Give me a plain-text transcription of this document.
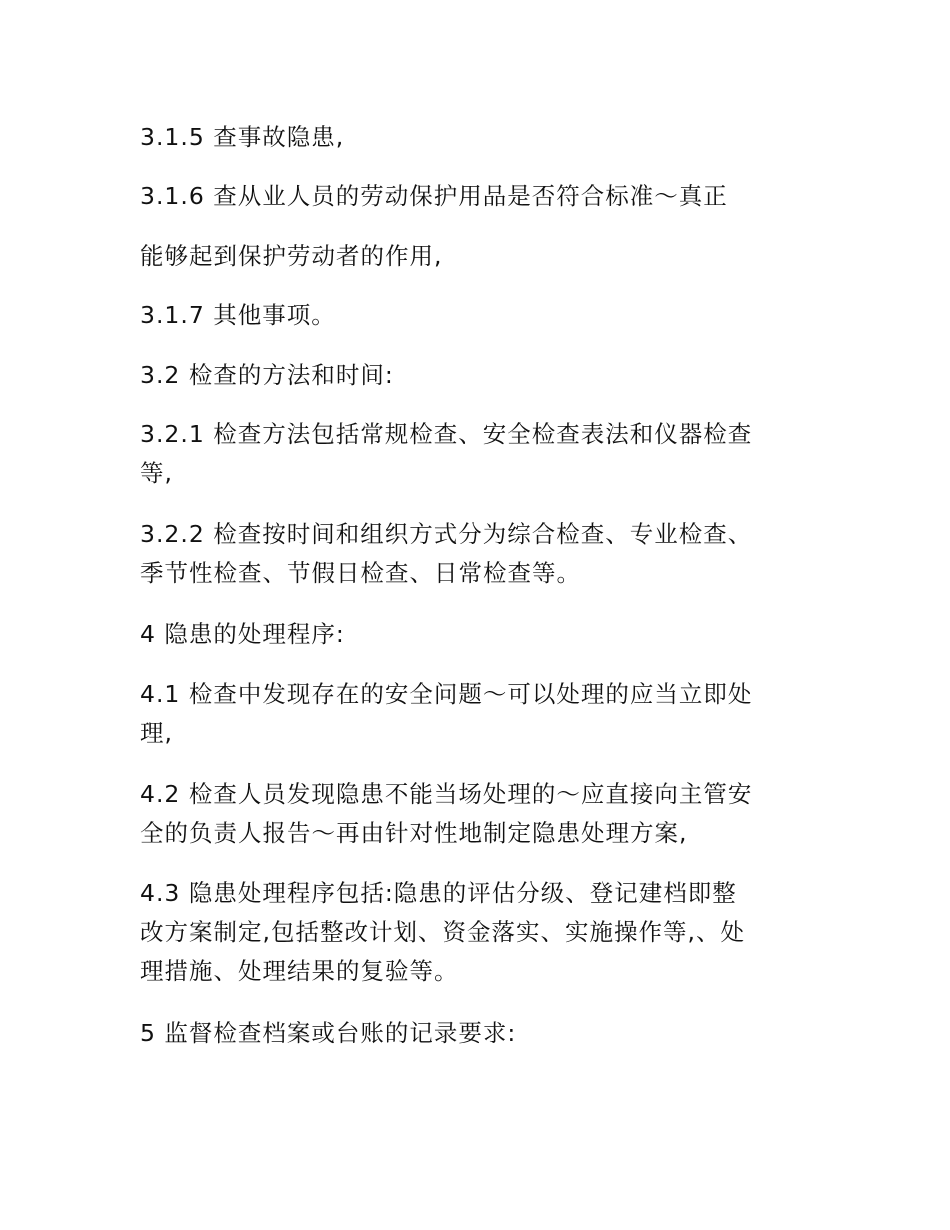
3.1.5 查事故隐患,

3.1.6 查从业人员的劳动保护用品是否符合标准～真正

能够起到保护劳动者的作用,

3.1.7 其他事项。

3.2 检查的方法和时间:

3.2.1 检查方法包括常规检查、安全检查表法和仪器检查
等,

3.2.2 检查按时间和组织方式分为综合检查、专业检查、
季节性检查、节假日检查、日常检查等。

4 隐患的处理程序:

4.1 检查中发现存在的安全问题～可以处理的应当立即处
理,

4.2 检查人员发现隐患不能当场处理的～应直接向主管安
全的负责人报告～再由针对性地制定隐患处理方案,

4.3 隐患处理程序包括:隐患的评估分级、登记建档即整
改方案制定,包括整改计划、资金落实、实施操作等,、处
理措施、处理结果的复验等。

5 监督检查档案或台账的记录要求:
